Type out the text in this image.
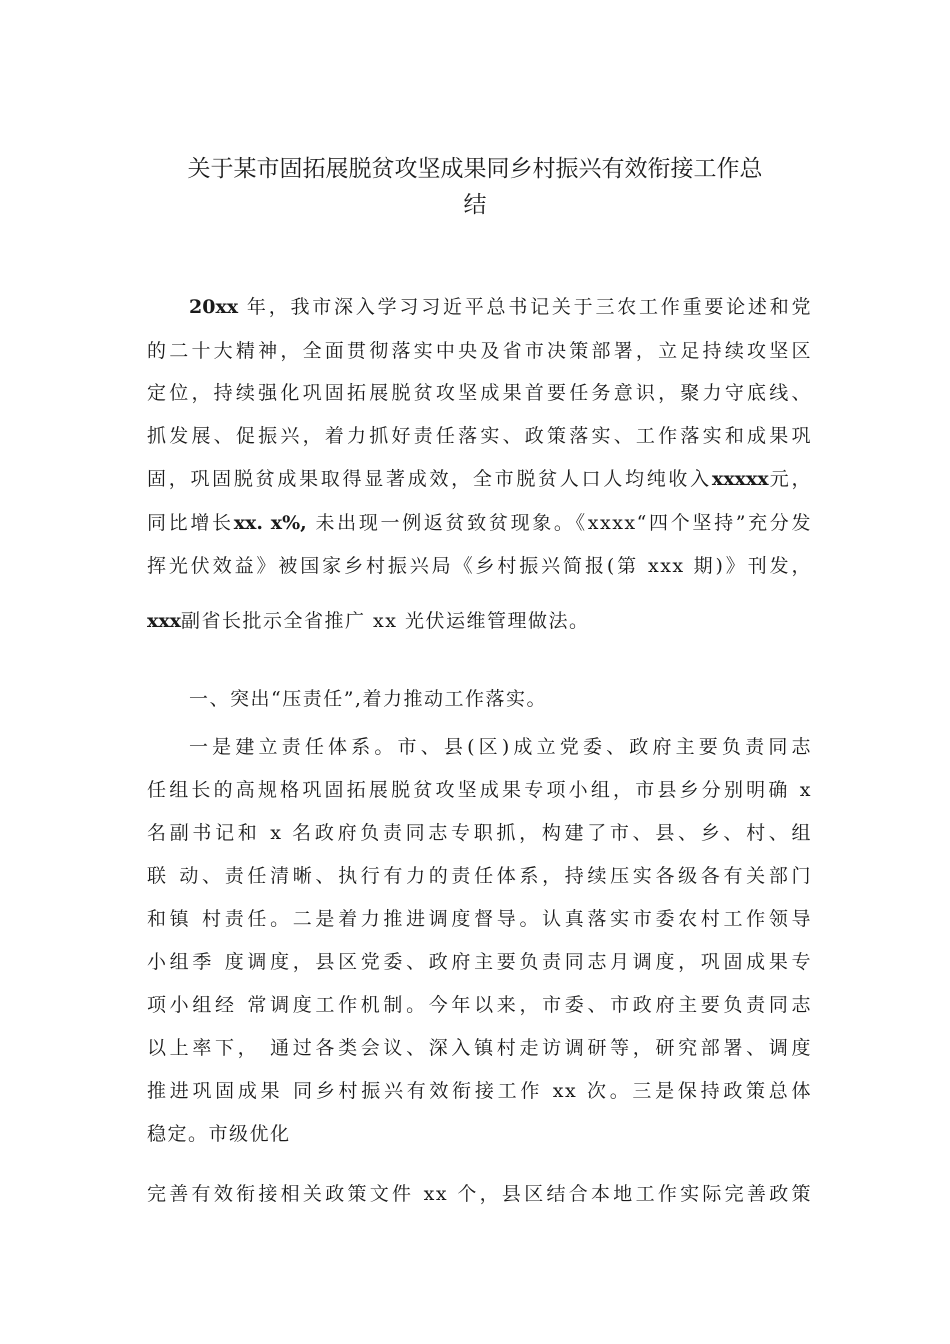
关于某市固拓展脱贫攻坚成果同乡村振兴有效衔接工作总
结
20xx 年，我市深入学习习近平总书记关于三农工作重要论述和党
的二十大精神，全面贯彻落实中央及省市决策部署，立足持续攻坚区
定位，持续强化巩固拓展脱贫攻坚成果首要任务意识，聚力守底线、
抓发展、促振兴，着力抓好责任落实、政策落实、工作落实和成果巩
固，巩固脱贫成果取得显著成效，全市脱贫人口人均纯收入xxxxx元，
同比增长xx. x%, 未出现一例返贫致贫现象。《xxxx“四个坚持”充分发
挥光伏效益》被国家乡村振兴局《乡村振兴简报(第 xxx 期)》刊发，
xxx副省长批示全省推广 xx 光伏运维管理做法。
一、突出“压责任”,着力推动工作落实。
一是建立责任体系。市、县(区)成立党委、政府主要负责同志
任组长的高规格巩固拓展脱贫攻坚成果专项小组，市县乡分别明确 x
名副书记和 x 名政府负责同志专职抓，构建了市、县、乡、村、组
联 动、责任清晰、执行有力的责任体系，持续压实各级各有关部门
和镇 村责任。二是着力推进调度督导。认真落实市委农村工作领导
小组季 度调度，县区党委、政府主要负责同志月调度，巩固成果专
项小组经 常调度工作机制。今年以来，市委、市政府主要负责同志
以上率下， 通过各类会议、深入镇村走访调研等，研究部署、调度
推进巩固成果 同乡村振兴有效衔接工作 xx 次。三是保持政策总体
稳定。市级优化
完善有效衔接相关政策文件 xx 个，县区结合本地工作实际完善政策
